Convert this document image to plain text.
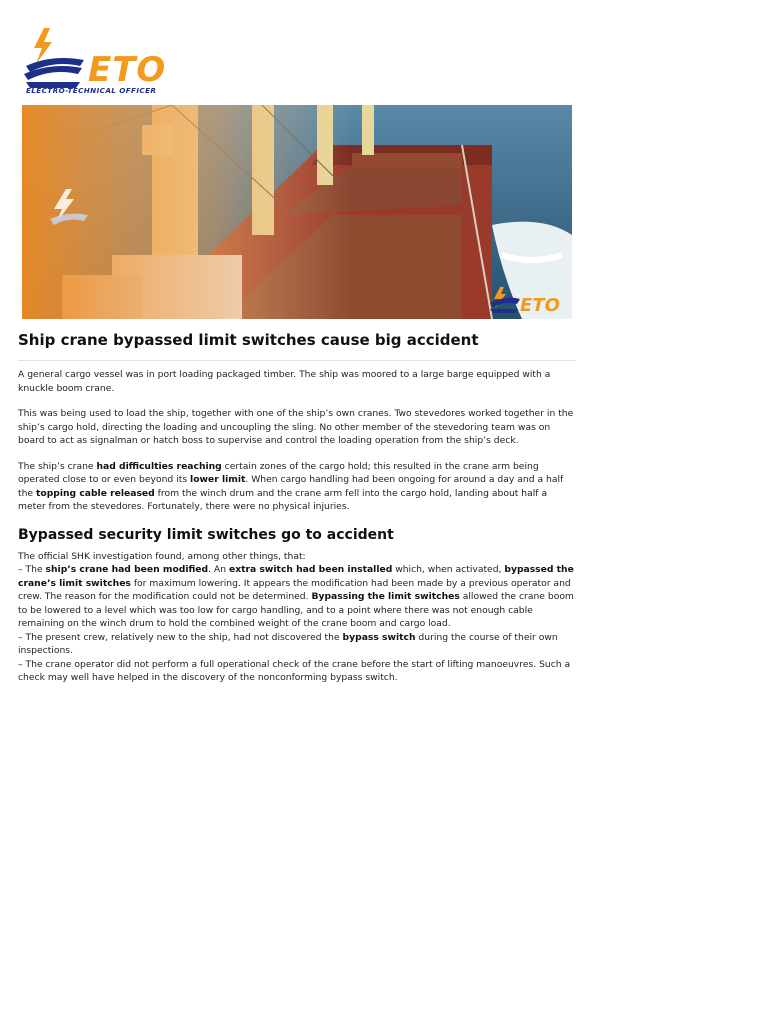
ETO
ELECTRO-TECHNICAL OFFICER
ETO
Ship crane bypassed limit switches cause big accident

A general cargo vessel was in port loading packaged timber. The ship was moored to a large barge equipped with a knuckle boom crane.

This was being used to load the ship, together with one of the ship’s own cranes. Two stevedores worked together in the ship’s cargo hold, directing the loading and uncoupling the sling. No other member of the stevedoring team was on board to act as signalman or hatch boss to supervise and control the loading operation from the ship’s deck.

The ship’s crane had difficulties reaching certain zones of the cargo hold; this resulted in the crane arm being operated close to or even beyond its lower limit. When cargo handling had been ongoing for around a day and a half the topping cable released from the winch drum and the crane arm fell into the cargo hold, landing about half a meter from the stevedores. Fortunately, there were no physical injuries.

Bypassed security limit switches go to accident

The official SHK investigation found, among other things, that:

– The ship’s crane had been modified. An extra switch had been installed which, when activated, bypassed the crane’s limit switches for maximum lowering. It appears the modification had been made by a previous operator and crew. The reason for the modification could not be determined. Bypassing the limit switches allowed the crane boom to be lowered to a level which was too low for cargo handling, and to a point where there was not enough cable remaining on the winch drum to hold the combined weight of the crane boom and cargo load.

– The present crew, relatively new to the ship, had not discovered the bypass switch during the course of their own inspections.

– The crane operator did not perform a full operational check of the crane before the start of lifting manoeuvres. Such a check may well have helped in the discovery of the nonconforming bypass switch.
